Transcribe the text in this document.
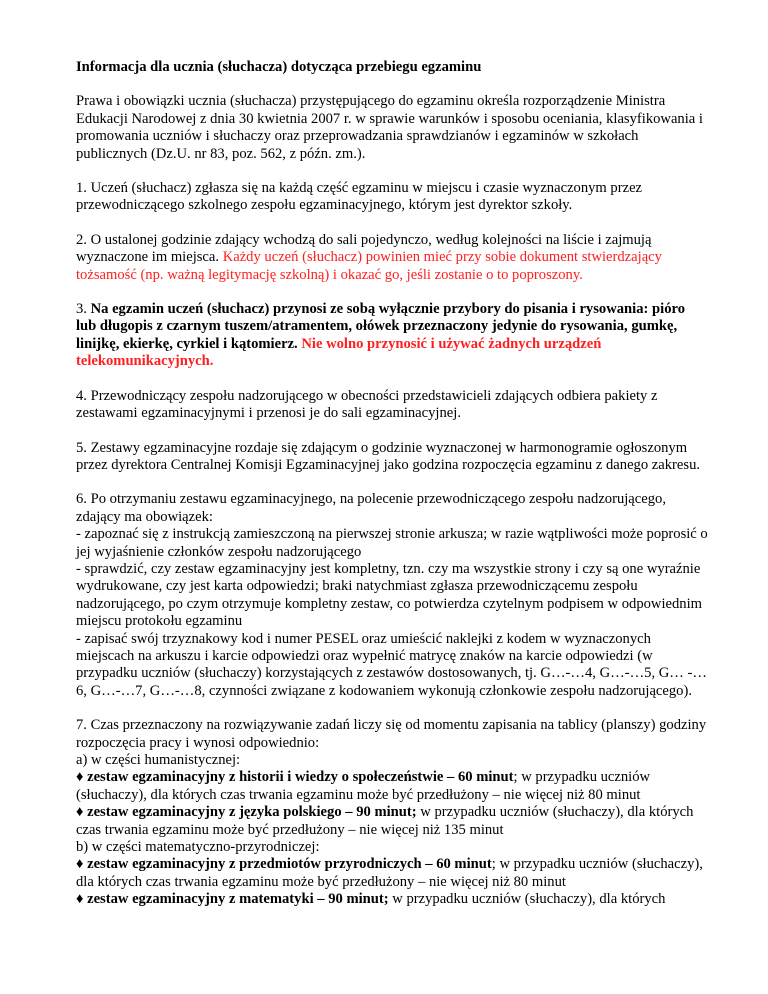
Informacja dla ucznia (słuchacza) dotycząca przebiegu egzaminu

Prawa i obowiązki ucznia (słuchacza) przystępującego do egzaminu określa rozporządzenie Ministra Edukacji Narodowej z dnia 30 kwietnia 2007 r. w sprawie warunków i sposobu oceniania, klasyfikowania i promowania uczniów i słuchaczy oraz przeprowadzania sprawdzianów i egzaminów w szkołach publicznych (Dz.U. nr 83, poz. 562, z późn. zm.).

1. Uczeń (słuchacz) zgłasza się na każdą część egzaminu w miejscu i czasie wyznaczonym przez przewodniczącego szkolnego zespołu egzaminacyjnego, którym jest dyrektor szkoły.

2. O ustalonej godzinie zdający wchodzą do sali pojedynczo, według kolejności na liście i zajmują wyznaczone im miejsca. Każdy uczeń (słuchacz) powinien mieć przy sobie dokument stwierdzający tożsamość (np. ważną legitymację szkolną) i okazać go, jeśli zostanie o to poproszony.

3. Na egzamin uczeń (słuchacz) przynosi ze sobą wyłącznie przybory do pisania i rysowania: pióro lub długopis z czarnym tuszem/atramentem, ołówek przeznaczony jedynie do rysowania, gumkę, linijkę, ekierkę, cyrkiel i kątomierz. Nie wolno przynosić i używać żadnych urządzeń telekomunikacyjnych.

4. Przewodniczący zespołu nadzorującego w obecności przedstawicieli zdających odbiera pakiety z zestawami egzaminacyjnymi i przenosi je do sali egzaminacyjnej.

5. Zestawy egzaminacyjne rozdaje się zdającym o godzinie wyznaczonej w harmonogramie ogłoszonym przez dyrektora Centralnej Komisji Egzaminacyjnej jako godzina rozpoczęcia egzaminu z danego zakresu.

6. Po otrzymaniu zestawu egzaminacyjnego, na polecenie przewodniczącego zespołu nadzorującego, zdający ma obowiązek:
- zapoznać się z instrukcją zamieszczoną na pierwszej stronie arkusza; w razie wątpliwości może poprosić o jej wyjaśnienie członków zespołu nadzorującego
- sprawdzić, czy zestaw egzaminacyjny jest kompletny, tzn. czy ma wszystkie strony i czy są one wyraźnie wydrukowane, czy jest karta odpowiedzi; braki natychmiast zgłasza przewodniczącemu zespołu nadzorującego, po czym otrzymuje kompletny zestaw, co potwierdza czytelnym podpisem w odpowiednim miejscu protokołu egzaminu
- zapisać swój trzyznakowy kod i numer PESEL oraz umieścić naklejki z kodem w wyznaczonych miejscach na arkuszu i karcie odpowiedzi oraz wypełnić matrycę znaków na karcie odpowiedzi (w przypadku uczniów (słuchaczy) korzystających z zestawów dostosowanych, tj. G…-…4, G…-…5, G… -…6, G…-…7, G…-…8, czynności związane z kodowaniem wykonują członkowie zespołu nadzorującego).

7. Czas przeznaczony na rozwiązywanie zadań liczy się od momentu zapisania na tablicy (planszy) godziny rozpoczęcia pracy i wynosi odpowiednio:
a) w części humanistycznej:
♦ zestaw egzaminacyjny z historii i wiedzy o społeczeństwie – 60 minut; w przypadku uczniów (słuchaczy), dla których czas trwania egzaminu może być przedłużony – nie więcej niż 80 minut
♦ zestaw egzaminacyjny z języka polskiego – 90 minut; w przypadku uczniów (słuchaczy), dla których czas trwania egzaminu może być przedłużony – nie więcej niż 135 minut
b) w części matematyczno-przyrodniczej:
♦ zestaw egzaminacyjny z przedmiotów przyrodniczych – 60 minut; w przypadku uczniów (słuchaczy), dla których czas trwania egzaminu może być przedłużony – nie więcej niż 80 minut
♦ zestaw egzaminacyjny z matematyki – 90 minut; w przypadku uczniów (słuchaczy), dla których
